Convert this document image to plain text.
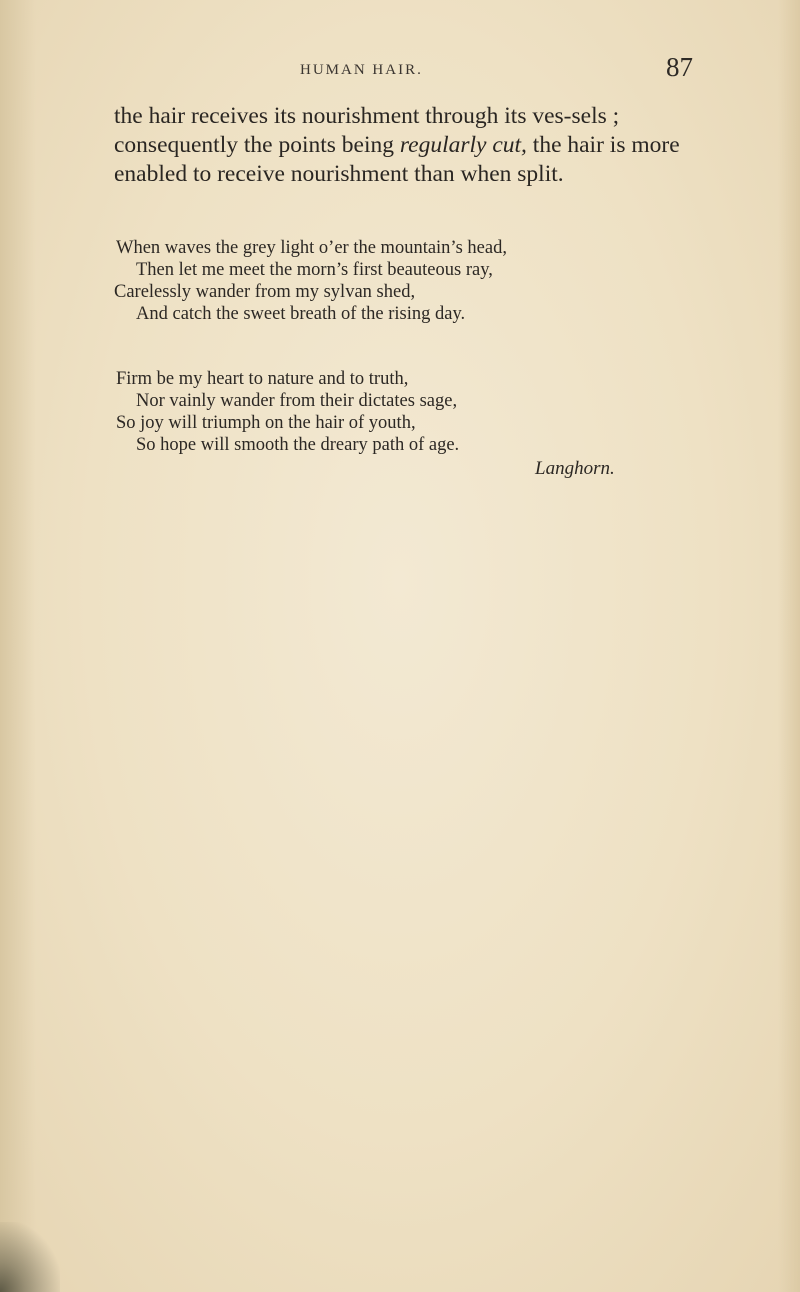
HUMAN HAIR.	87

the hair receives its nourishment through its ves-sels ; consequently the points being regularly cut, the hair is more enabled to receive nourishment than when split.

When waves the grey light o’er the mountain’s head,
Then let me meet the morn’s first beauteous ray,
Carelessly wander from my sylvan shed,
And catch the sweet breath of the rising day.
Firm be my heart to nature and to truth,
Nor vainly wander from their dictates sage,
So joy will triumph on the hair of youth,
So hope will smooth the dreary path of age.
Langhorn.
